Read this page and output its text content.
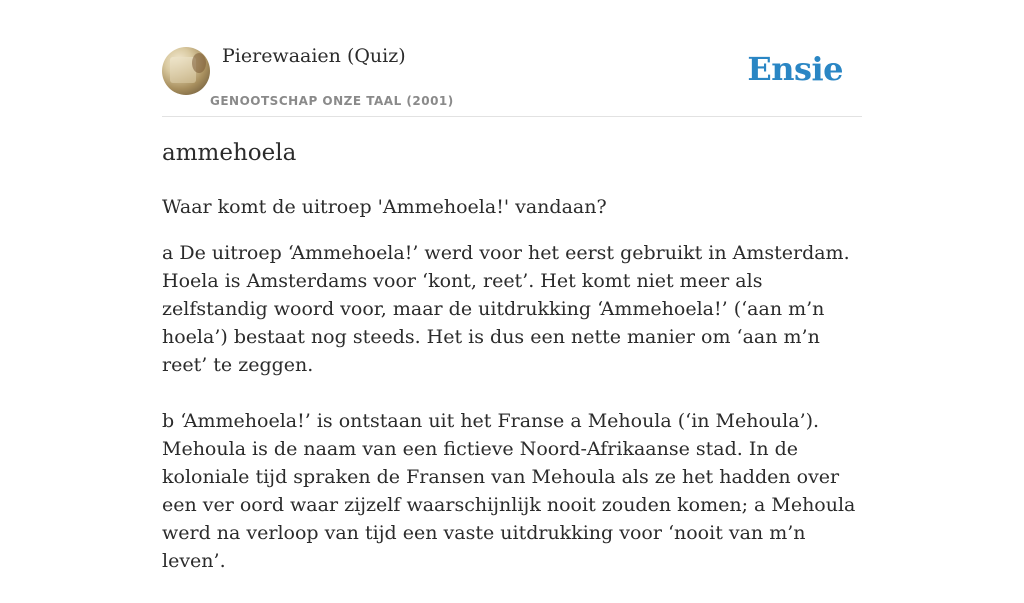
Pierewaaien (Quiz)
GENOOTSCHAP ONZE TAAL (2001)
Ensie
ammehoela
Waar komt de uitroep 'Ammehoela!' vandaan?

a De uitroep ‘Ammehoela!’ werd voor het eerst gebruikt in Amsterdam. Hoela is Amsterdams voor ‘kont, reet’. Het komt niet meer als zelfstandig woord voor, maar de uitdrukking ‘Ammehoela!’ (‘aan m’n hoela’) bestaat nog steeds. Het is dus een nette manier om ‘aan m’n reet’ te zeggen.

b ‘Ammehoela!’ is ontstaan uit het Franse a Mehoula (‘in Mehoula’). Mehoula is de naam van een fictieve Noord-Afrikaanse stad. In de koloniale tijd spraken de Fransen van Mehoula als ze het hadden over een ver oord waar zijzelf waarschijnlijk nooit zouden komen; a Mehoula werd na verloop van tijd een vaste uitdrukking voor ‘nooit van m’n leven’.
